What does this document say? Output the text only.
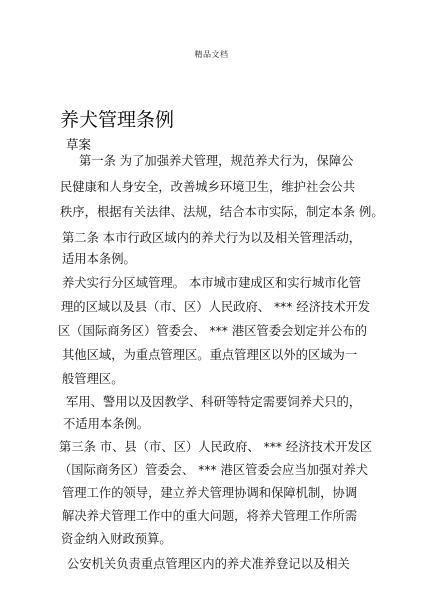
精品文档
养犬管理条例
草案
第一条 为了加强养犬管理，规范养犬行为，保障公
民健康和人身安全，改善城乡环境卫生，维护社会公共
秩序，根据有关法律、法规，结合本市实际，制定本条 例。
第二条 本市行政区域内的养犬行为以及相关管理活动，
适用本条例。
养犬实行分区域管理。 本市城市建成区和实行城市化管
理的区域以及县（市、区）人民政府、 *** 经济技术开发
区（国际商务区）管委会、 *** 港区管委会划定并公布的
其他区域，为重点管理区。重点管理区以外的区域为一
般管理区。
军用、警用以及因教学、科研等特定需要饲养犬只的，
不适用本条例。
第三条 市、县（市、区）人民政府、 *** 经济技术开发区
（国际商务区）管委会、 *** 港区管委会应当加强对养犬
管理工作的领导，建立养犬管理协调和保障机制，协调
解决养犬管理工作中的重大问题，将养犬管理工作所需
资金纳入财政预算。
公安机关负责重点管理区内的养犬准养登记以及相关
